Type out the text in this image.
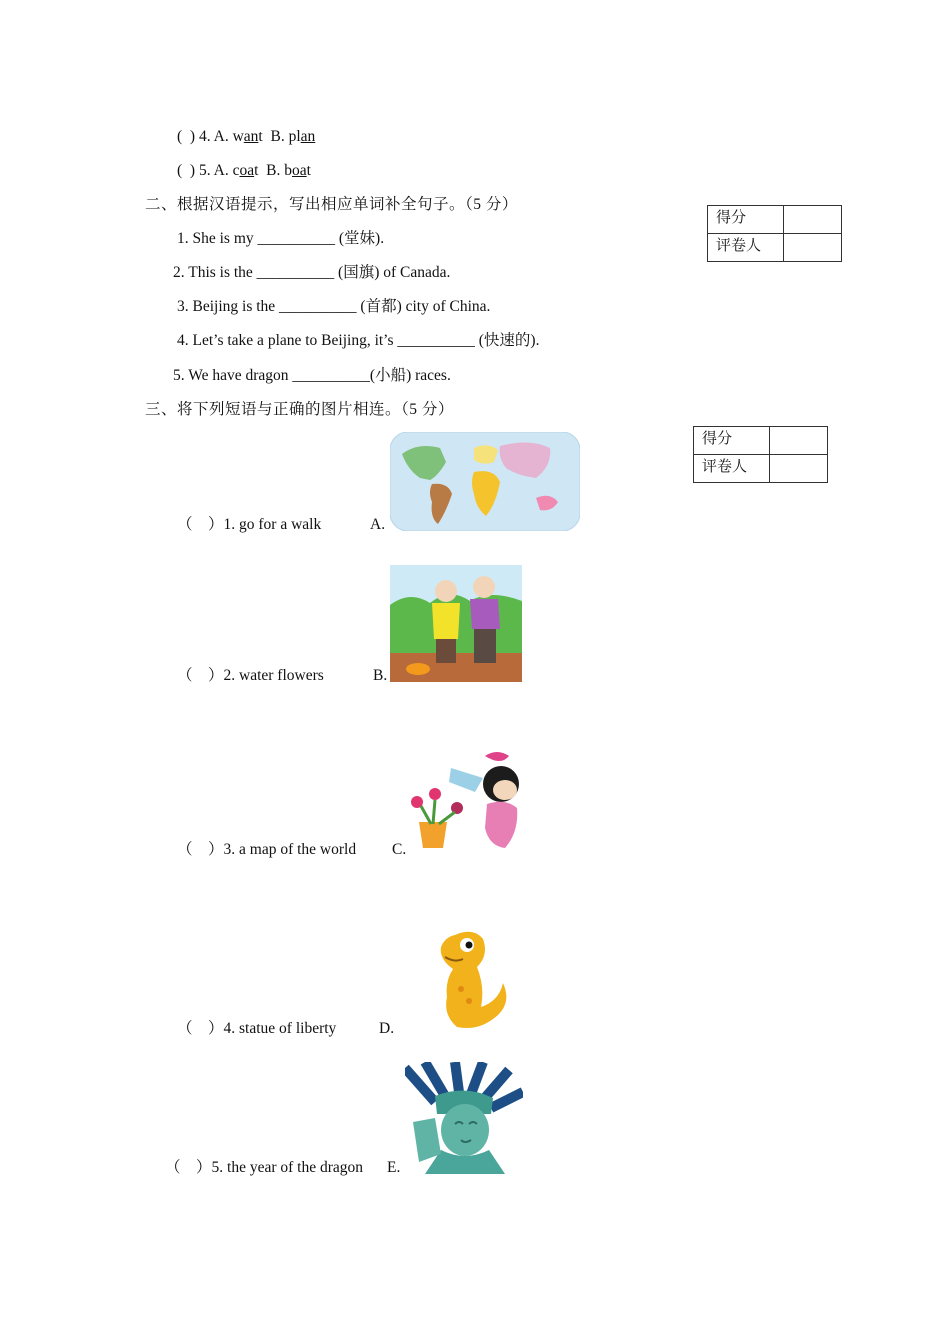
( ) 4. A. want B. plan
( ) 5. A. coat B. boat
二、根据汉语提示，写出相应单词补全句子。（5 分）
得分	
评卷人	
1. She is my __________ (堂妹).
2. This is the __________ (国旗) of Canada.
3. Beijing is the __________ (首都) city of China.
4. Let’s take a plane to Beijing, it’s __________ (快速的).
5. We have dragon __________(小船) races.
三、将下列短语与正确的图片相连。（5 分）
得分	
评卷人	
（　）1. go for a walk	A.
（　）2. water flowers	B.
（　）3. a map of the world C.
（　）4. statue of liberty	D.
（　）5. the year of the dragon E.
